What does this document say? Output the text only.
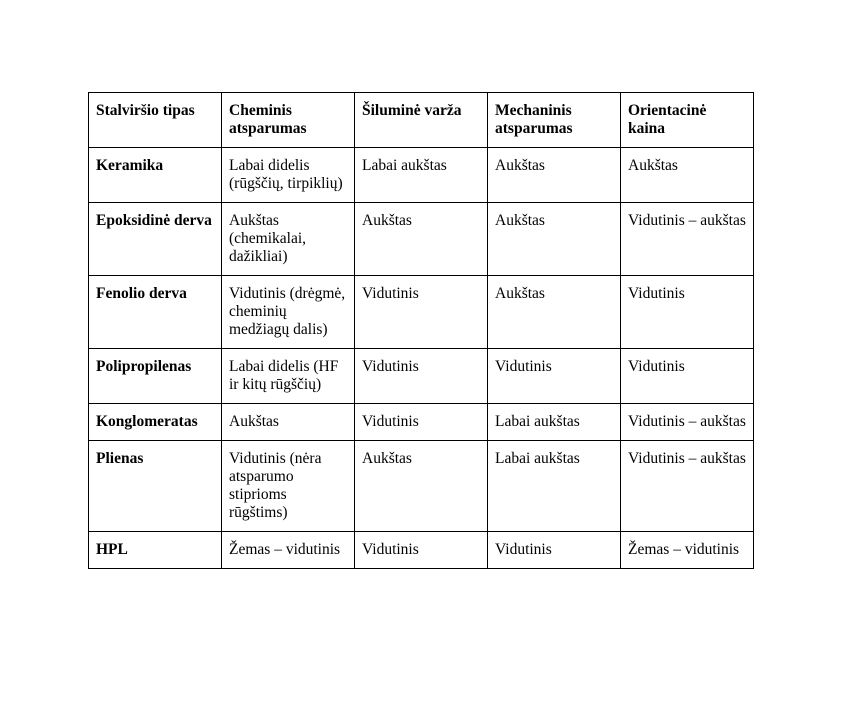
Stalviršio tipas	Cheminis atsparumas	Šiluminė varža	Mechaninis atsparumas	Orientacinė kaina
Keramika	Labai didelis (rūgščių, tirpiklių)	Labai aukštas	Aukštas	Aukštas
Epoksidinė derva	Aukštas (chemikalai, dažikliai)	Aukštas	Aukštas	Vidutinis – aukštas
Fenolio derva	Vidutinis (drėgmė, cheminių medžiagų dalis)	Vidutinis	Aukštas	Vidutinis
Polipropilenas	Labai didelis (HF ir kitų rūgščių)	Vidutinis	Vidutinis	Vidutinis
Konglomeratas	Aukštas	Vidutinis	Labai aukštas	Vidutinis – aukštas
Plienas	Vidutinis (nėra atsparumo stiprioms rūgštims)	Aukštas	Labai aukštas	Vidutinis – aukštas
HPL	Žemas – vidutinis	Vidutinis	Vidutinis	Žemas – vidutinis
